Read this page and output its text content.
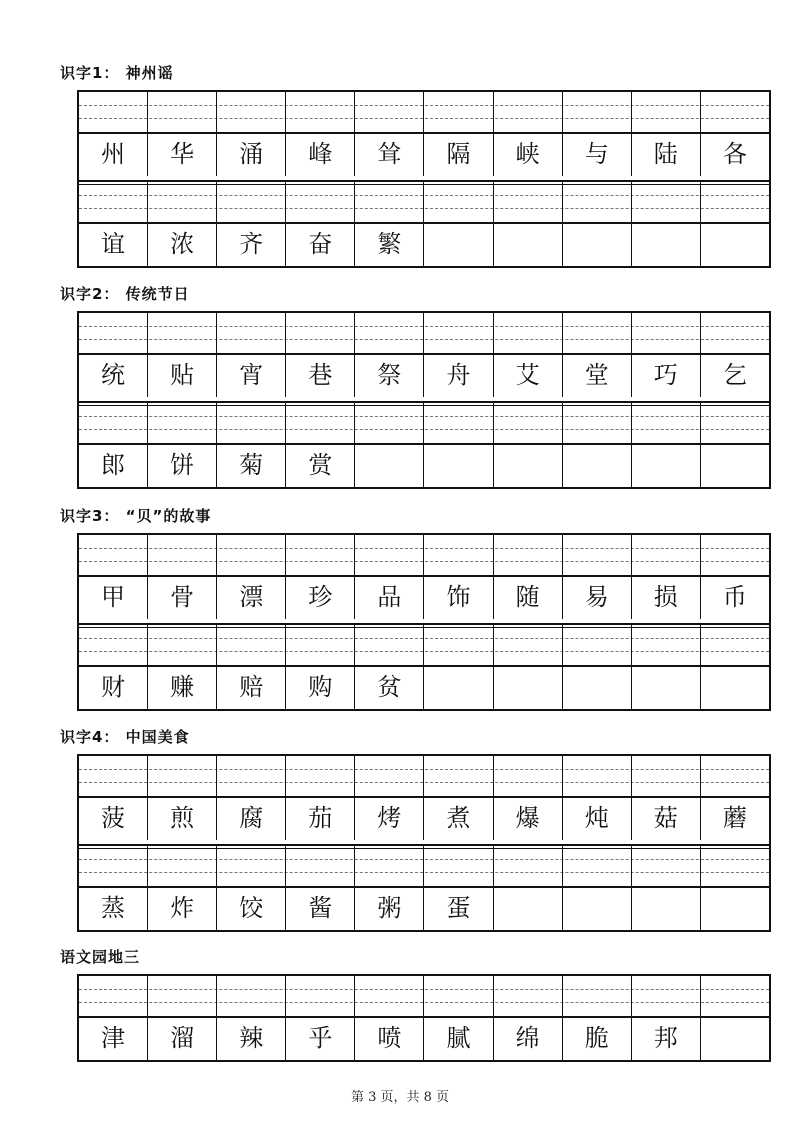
识字1： 神州谣
州	华	涌	峰	耸	隔	峡	与	陆	各
谊	浓	齐	奋	繁
识字2： 传统节日
统	贴	宵	巷	祭	舟	艾	堂	巧	乞
郎	饼	菊	赏
识字3： “贝”的故事
甲	骨	漂	珍	品	饰	随	易	损	币
财	赚	赔	购	贫
识字4： 中国美食
菠	煎	腐	茄	烤	煮	爆	炖	菇	蘑
蒸	炸	饺	酱	粥	蛋
语文园地三
津	溜	辣	乎	喷	腻	绵	脆	邦
第 3 页，共 8 页
